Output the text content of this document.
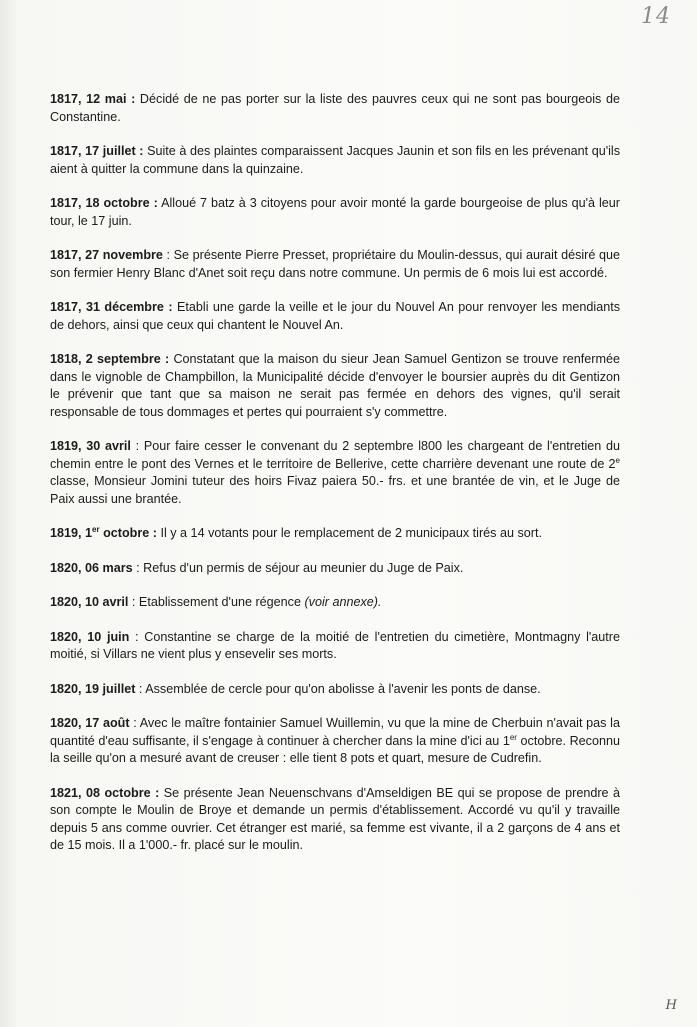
14

1817, 12 mai : Décidé de ne pas porter sur la liste des pauvres ceux qui ne sont pas bourgeois de Constantine.

1817, 17 juillet : Suite à des plaintes comparaissent Jacques Jaunin et son fils en les prévenant qu'ils aient à quitter la commune dans la quinzaine.

1817, 18 octobre : Alloué 7 batz à 3 citoyens pour avoir monté la garde bourgeoise de plus qu'à leur tour, le 17 juin.

1817, 27 novembre : Se présente Pierre Presset, propriétaire du Moulin-dessus, qui aurait désiré que son fermier Henry Blanc d'Anet soit reçu dans notre commune. Un permis de 6 mois lui est accordé.

1817, 31 décembre : Etabli une garde la veille et le jour du Nouvel An pour renvoyer les mendiants de dehors, ainsi que ceux qui chantent le Nouvel An.

1818, 2 septembre : Constatant que la maison du sieur Jean Samuel Gentizon se trouve renfermée dans le vignoble de Champbillon, la Municipalité décide d'envoyer le boursier auprès du dit Gentizon le prévenir que tant que sa maison ne serait pas fermée en dehors des vignes, qu'il serait responsable de tous dommages et pertes qui pourraient s'y commettre.

1819, 30 avril : Pour faire cesser le convenant du 2 septembre l800 les chargeant de l'entretien du chemin entre le pont des Vernes et le territoire de Bellerive, cette charrière devenant une route de 2e classe, Monsieur Jomini tuteur des hoirs Fivaz paiera 50.- frs. et une brantée de vin, et le Juge de Paix aussi une brantée.

1819, 1er octobre : Il y a 14 votants pour le remplacement de 2 municipaux tirés au sort.

1820, 06 mars : Refus d'un permis de séjour au meunier du Juge de Paix.

1820, 10 avril : Etablissement d'une régence (voir annexe).

1820, 10 juin : Constantine se charge de la moitié de l'entretien du cimetière, Montmagny l'autre moitié, si Villars ne vient plus y ensevelir ses morts.

1820, 19 juillet : Assemblée de cercle pour qu'on abolisse à l'avenir les ponts de danse.

1820, 17 août : Avec le maître fontainier Samuel Wuillemin, vu que la mine de Cherbuin n'avait pas la quantité d'eau suffisante, il s'engage à continuer à chercher dans la mine d'ici au 1er octobre. Reconnu la seille qu'on a mesuré avant de creuser : elle tient 8 pots et quart, mesure de Cudrefin.

1821, 08 octobre : Se présente Jean Neuenschvans d'Amseldigen BE qui se propose de prendre à son compte le Moulin de Broye et demande un permis d'établissement. Accordé vu qu'il y travaille depuis 5 ans comme ouvrier. Cet étranger est marié, sa femme est vivante, il a 2 garçons de 4 ans et de 15 mois. Il a 1'000.- fr. placé sur le moulin.

H
